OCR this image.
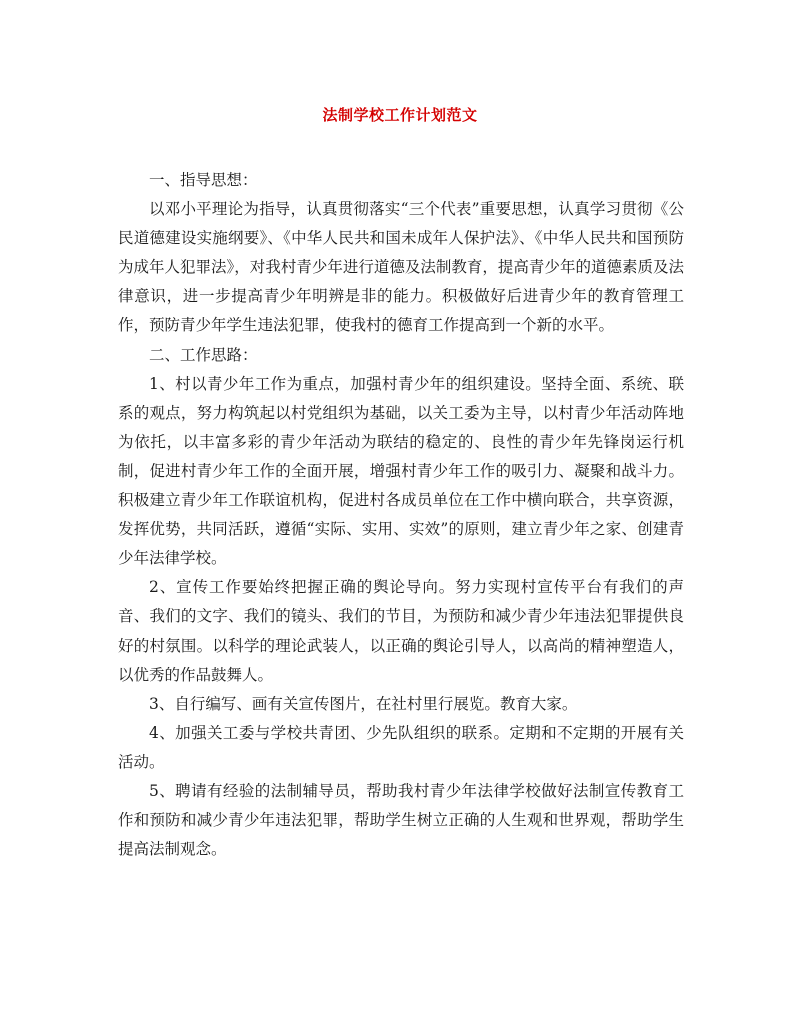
法制学校工作计划范文

一、指导思想：

以邓小平理论为指导，认真贯彻落实“三个代表”重要思想，认真学习贯彻《公民道德建设实施纲要》、《中华人民共和国未成年人保护法》、《中华人民共和国预防为成年人犯罪法》，对我村青少年进行道德及法制教育，提高青少年的道德素质及法律意识，进一步提高青少年明辨是非的能力。积极做好后进青少年的教育管理工作，预防青少年学生违法犯罪，使我村的德育工作提高到一个新的水平。

二、工作思路：

1、村以青少年工作为重点，加强村青少年的组织建设。坚持全面、系统、联系的观点，努力构筑起以村党组织为基础，以关工委为主导，以村青少年活动阵地为依托，以丰富多彩的青少年活动为联结的稳定的、良性的青少年先锋岗运行机制，促进村青少年工作的全面开展，增强村青少年工作的吸引力、凝聚和战斗力。积极建立青少年工作联谊机构，促进村各成员单位在工作中横向联合，共享资源，发挥优势，共同活跃，遵循“实际、实用、实效”的原则，建立青少年之家、创建青少年法律学校。

2、宣传工作要始终把握正确的舆论导向。努力实现村宣传平台有我们的声音、我们的文字、我们的镜头、我们的节目，为预防和减少青少年违法犯罪提供良好的村氛围。以科学的理论武装人，以正确的舆论引导人，以高尚的精神塑造人，以优秀的作品鼓舞人。

3、自行编写、画有关宣传图片，在社村里行展览。教育大家。

4、加强关工委与学校共青团、少先队组织的联系。定期和不定期的开展有关活动。

5、聘请有经验的法制辅导员，帮助我村青少年法律学校做好法制宣传教育工作和预防和减少青少年违法犯罪，帮助学生树立正确的人生观和世界观，帮助学生提高法制观念。
